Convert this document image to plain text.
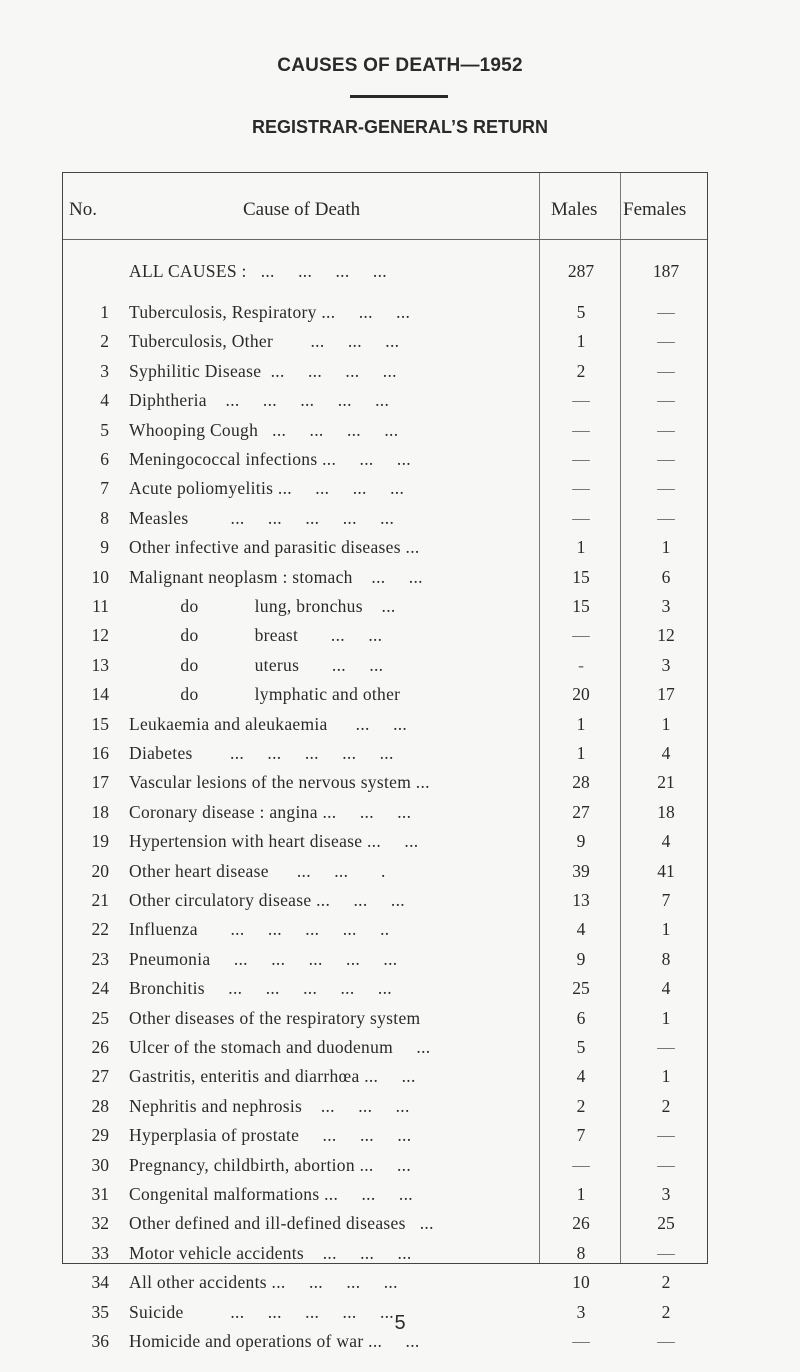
CAUSES OF DEATH—1952
REGISTRAR-GENERAL’S RETURN
No.	Cause of Death	Males Females
ALL CAUSES :   ...     ...     ...     ...	287	187
1 Tuberculosis, Respiratory ...     ...     ...	5	—
2 Tuberculosis, Other        ...     ...     ...	1	—
3 Syphilitic Disease  ...     ...     ...     ...	2	—
4 Diphtheria    ...     ...     ...     ...     ...	—	—
5 Whooping Cough   ...     ...     ...     ...	—	—
6 Meningococcal infections ...     ...     ...	—	—
7 Acute poliomyelitis ...     ...     ...     ...	—	—
8 Measles         ...     ...     ...     ...     ...	—	—
9 Other infective and parasitic diseases ...	1	1
10 Malignant neoplasm : stomach    ...     ...	15	6
11 do            lung, bronchus    ...	15	3
12 do            breast       ...     ...	—	12
13 do            uterus       ...     ...	-	3
14 do            lymphatic and other	20	17
15 Leukaemia and aleukaemia      ...     ...	1	1
16 Diabetes        ...     ...     ...     ...     ...	1	4
17 Vascular lesions of the nervous system ...	28	21
18 Coronary disease : angina ...     ...     ...	27	18
19 Hypertension with heart disease ...     ...	9	4
20 Other heart disease      ...     ...       .	39	41
21 Other circulatory disease ...     ...     ...	13	7
22 Influenza       ...     ...     ...     ...     ..	4	1
23 Pneumonia     ...     ...     ...     ...     ...	9	8
24 Bronchitis     ...     ...     ...     ...     ...	25	4
25 Other diseases of the respiratory system	6	1
26 Ulcer of the stomach and duodenum     ...	5	—
27 Gastritis, enteritis and diarrhœa ...     ...	4	1
28 Nephritis and nephrosis    ...     ...     ...	2	2
29 Hyperplasia of prostate     ...     ...     ...	7	—
30 Pregnancy, childbirth, abortion ...     ...	—	—
31 Congenital malformations ...     ...     ...	1	3
32 Other defined and ill-defined diseases   ...	26	25
33 Motor vehicle accidents    ...     ...     ...	8	—
34 All other accidents ...     ...     ...     ...	10	2
35 Suicide          ...     ...     ...     ...     ...	3	2
36 Homicide and operations of war ...     ...	—	—
5
